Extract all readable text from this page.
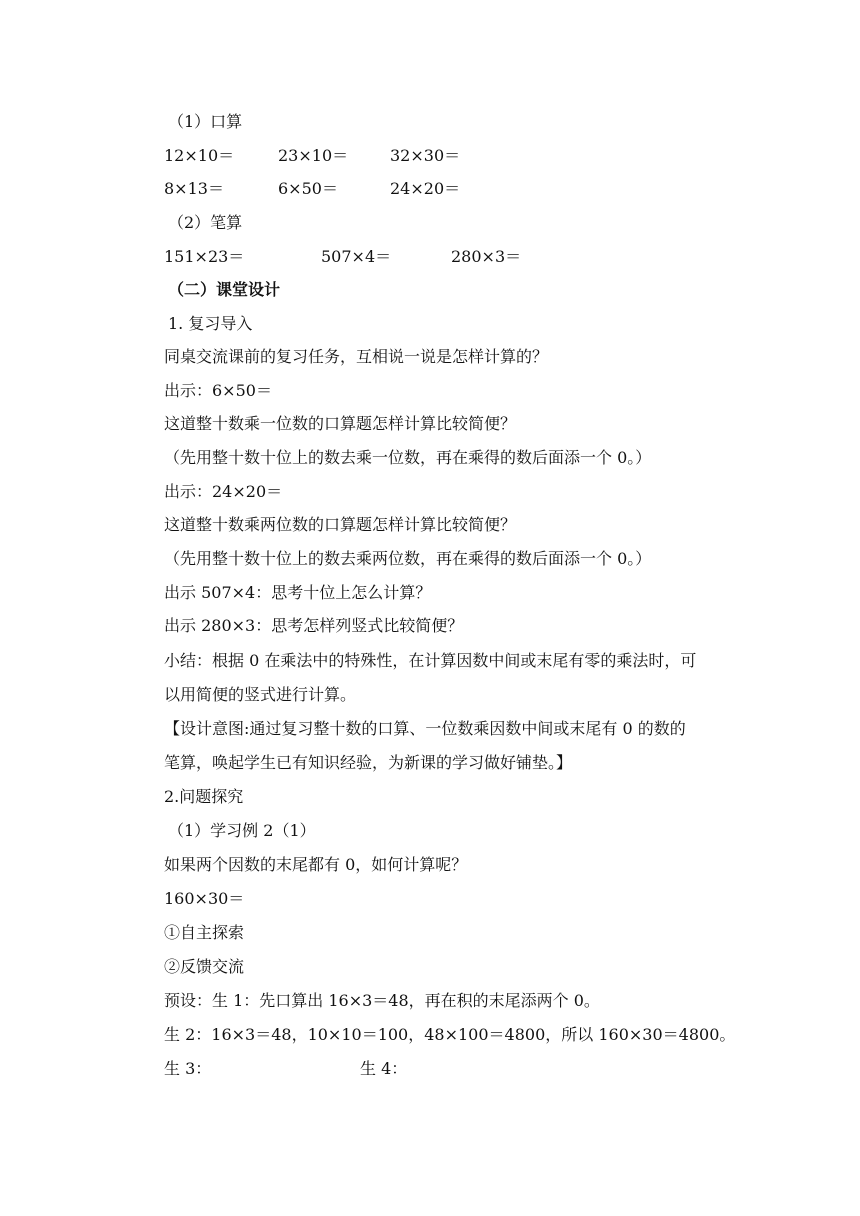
（1）口算
12×10＝	23×10＝	32×30＝
8×13＝	6×50＝	24×20＝
（2）笔算
151×23＝	507×4＝	280×3＝
（二）课堂设计
1. 复习导入
同桌交流课前的复习任务，互相说一说是怎样计算的？
出示：6×50＝
这道整十数乘一位数的口算题怎样计算比较简便？
（先用整十数十位上的数去乘一位数，再在乘得的数后面添一个 0。）
出示：24×20＝
这道整十数乘两位数的口算题怎样计算比较简便？
（先用整十数十位上的数去乘两位数，再在乘得的数后面添一个 0。）
出示 507×4：思考十位上怎么计算？
出示 280×3：思考怎样列竖式比较简便？
小结：根据 0 在乘法中的特殊性，在计算因数中间或末尾有零的乘法时，可
以用简便的竖式进行计算。
【设计意图:通过复习整十数的口算、一位数乘因数中间或末尾有 0 的数的
笔算，唤起学生已有知识经验，为新课的学习做好铺垫。】
2.问题探究
（1）学习例 2（1）
如果两个因数的末尾都有 0，如何计算呢？
160×30＝
①自主探索
②反馈交流
预设：生 1：先口算出 16×3＝48，再在积的末尾添两个 0。
生 2：16×3＝48，10×10＝100，48×100＝4800，所以 160×30＝4800。
生 3：	生 4：
